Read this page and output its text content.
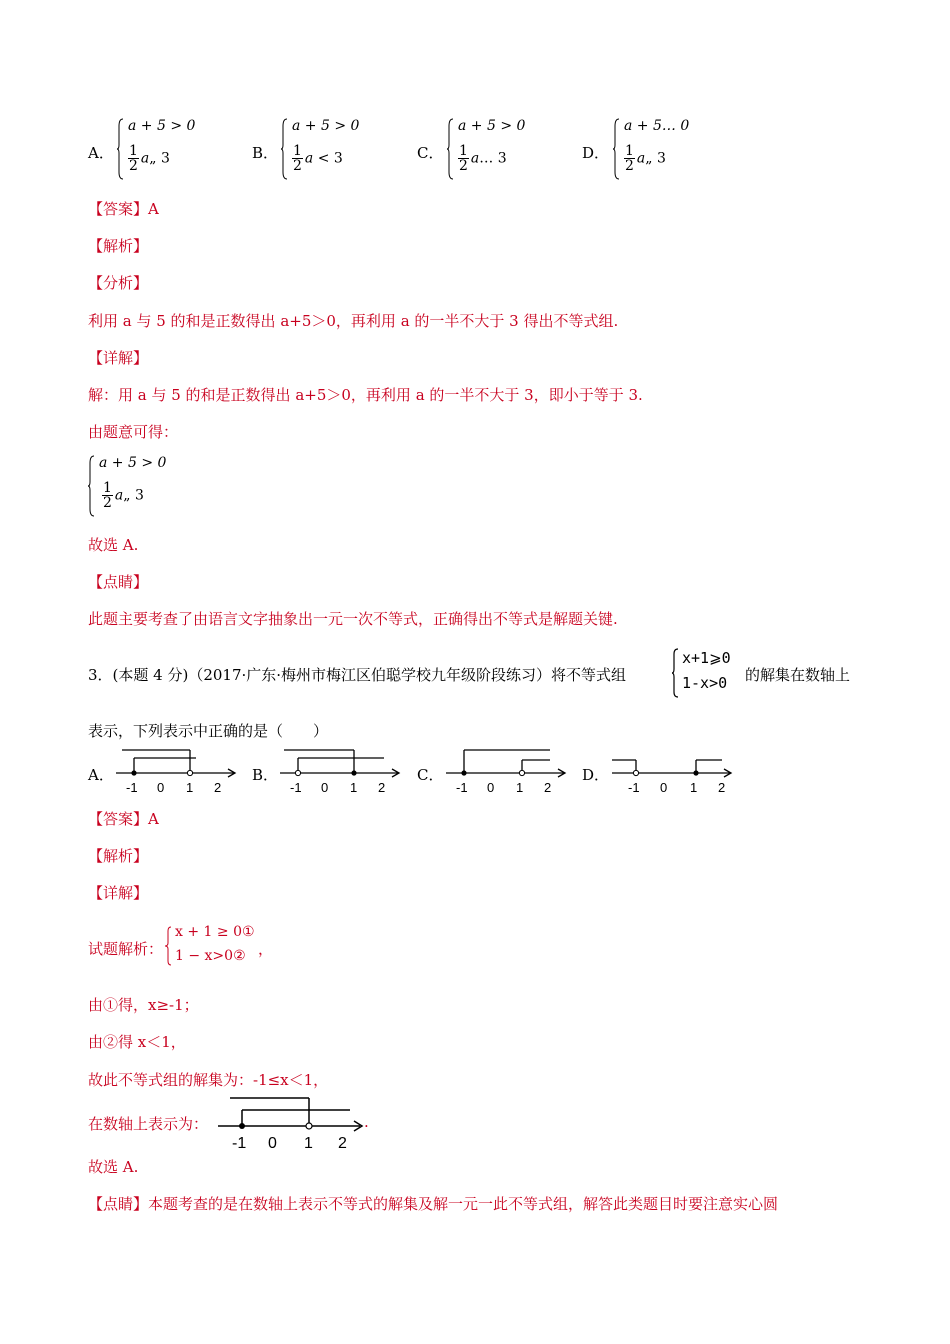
A．
a + 5 > 0
$\frac{1}{2}$ a„ 3	B．
a + 5 > 0
$\frac{1}{2}$ a < 3	C．
a + 5 > 0
$\frac{1}{2}$ a… 3	D．
a + 5… 0
$\frac{1}{2}$ a„ 3
【答案】A
【解析】
【分析】
利用 a 与 5 的和是正数得出 a+5＞0，再利用 a 的一半不大于 3 得出不等式组.
【详解】
解：用 a 与 5 的和是正数得出 a+5＞0，再利用 a 的一半不大于 3，即小于等于 3.
由题意可得：
a + 5 > 0
$\frac{1}{2}$ a„ 3
故选 A.
【点睛】
此题主要考查了由语言文字抽象出一元一次不等式，正确得出不等式是解题关键.
3．(本题 4 分)（2017·广东·梅州市梅江区伯聪学校九年级阶段练习）将不等式组
x+1⩾0
1-x>0 的解集在数轴上
表示，下列表示中正确的是（　　）
A．
-1 0 1 2
B．
-1 0 1 2
C．
-1 0 1 2
D．
-1 0 1 2
【答案】A
【解析】
【详解】
试题解析：
x + 1 ≥ 0①
1 − x>0② ，
由①得，x≥-1；
由②得 x＜1，
故此不等式组的解集为：-1≤x＜1，
在数轴上表示为：
-1 0 1 2
.
故选 A.
【点睛】本题考查的是在数轴上表示不等式的解集及解一元一此不等式组，解答此类题目时要注意实心圆
